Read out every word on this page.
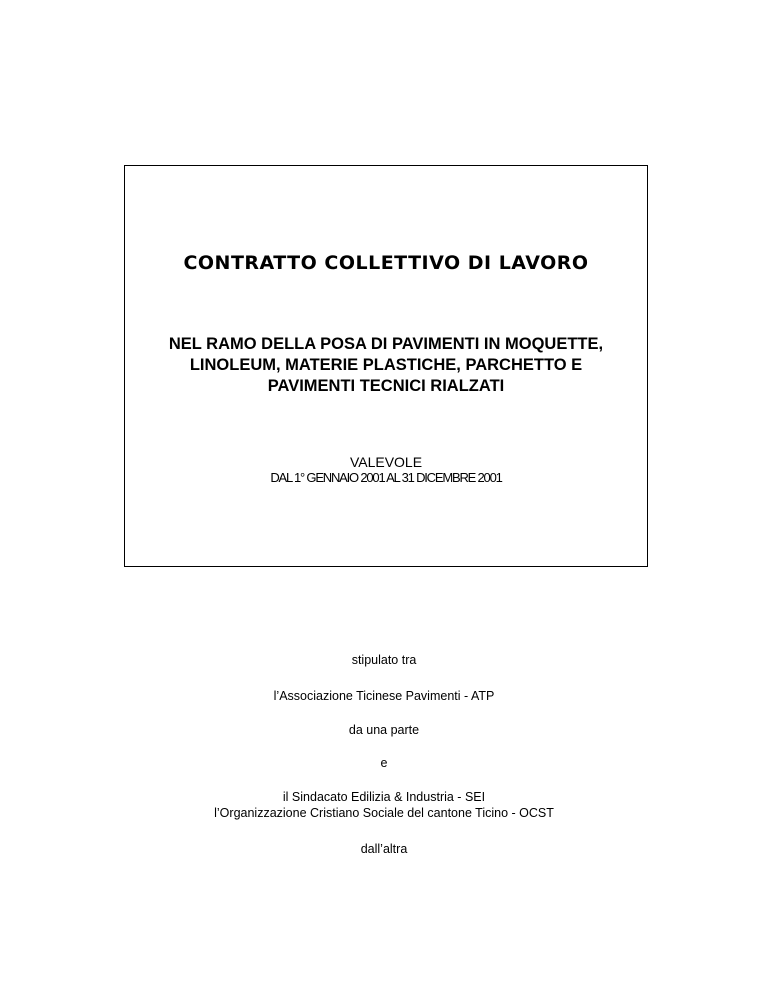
CONTRATTO COLLETTIVO DI LAVORO
NEL RAMO DELLA POSA DI PAVIMENTI IN MOQUETTE,
LINOLEUM, MATERIE PLASTICHE, PARCHETTO E
PAVIMENTI TECNICI RIALZATI
VALEVOLE
DAL 1° GENNAIO 2001 AL 31 DICEMBRE 2001

stipulato tra

l’Associazione Ticinese Pavimenti - ATP

da una parte

e

il Sindacato Edilizia & Industria - SEI
l’Organizzazione Cristiano Sociale del cantone Ticino - OCST

dall’altra
